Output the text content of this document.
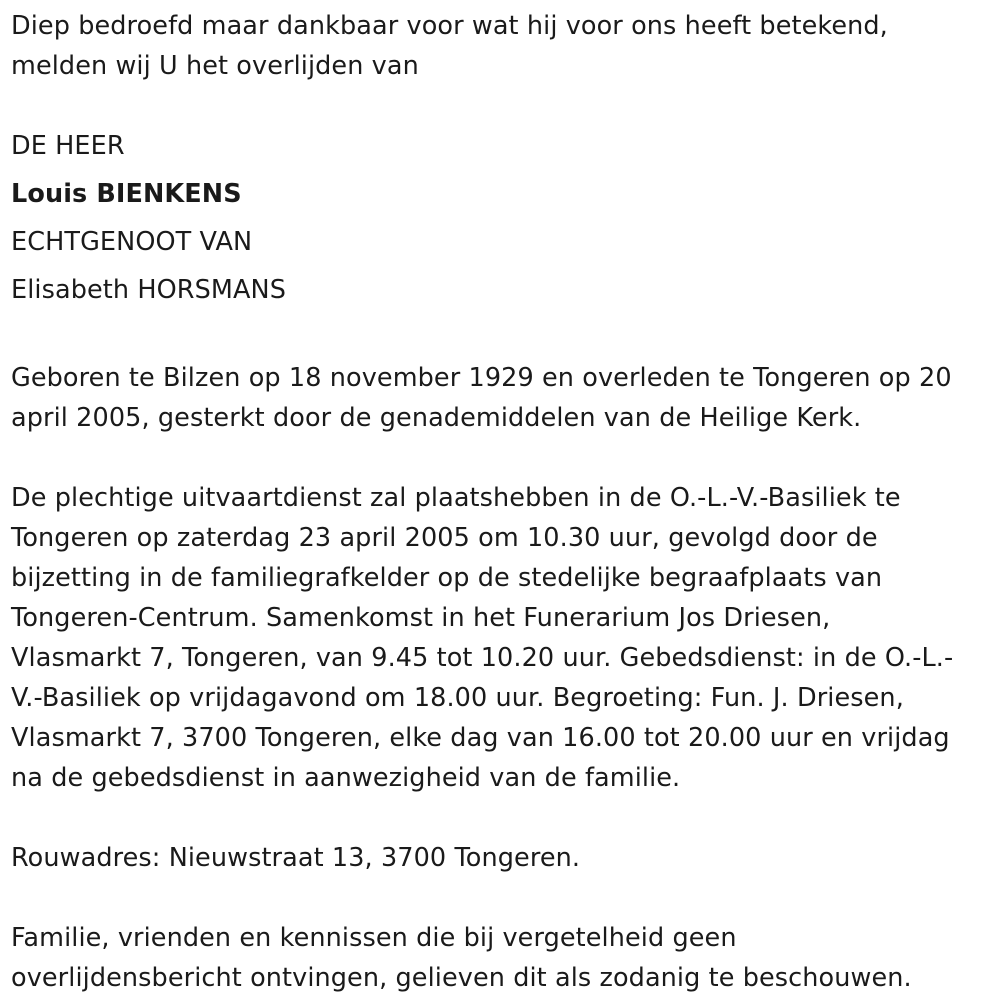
Diep bedroefd maar dankbaar voor wat hij voor ons heeft betekend,

melden wij U het overlijden van

DE HEER

Louis BIENKENS

ECHTGENOOT VAN

Elisabeth HORSMANS

Geboren te Bilzen op 18 november 1929 en overleden te Tongeren op 20

april 2005, gesterkt door de genademiddelen van de Heilige Kerk.

De plechtige uitvaartdienst zal plaatshebben in de O.-L.-V.-Basiliek te

Tongeren op zaterdag 23 april 2005 om 10.30 uur, gevolgd door de

bijzetting in de familiegrafkelder op de stedelijke begraafplaats van

Tongeren-Centrum. Samenkomst in het Funerarium Jos Driesen,

Vlasmarkt 7, Tongeren, van 9.45 tot 10.20 uur. Gebedsdienst: in de O.-L.-

V.-Basiliek op vrijdagavond om 18.00 uur. Begroeting: Fun. J. Driesen,

Vlasmarkt 7, 3700 Tongeren, elke dag van 16.00 tot 20.00 uur en vrijdag

na de gebedsdienst in aanwezigheid van de familie.

Rouwadres: Nieuwstraat 13, 3700 Tongeren.

Familie, vrienden en kennissen die bij vergetelheid geen

overlijdensbericht ontvingen, gelieven dit als zodanig te beschouwen.
